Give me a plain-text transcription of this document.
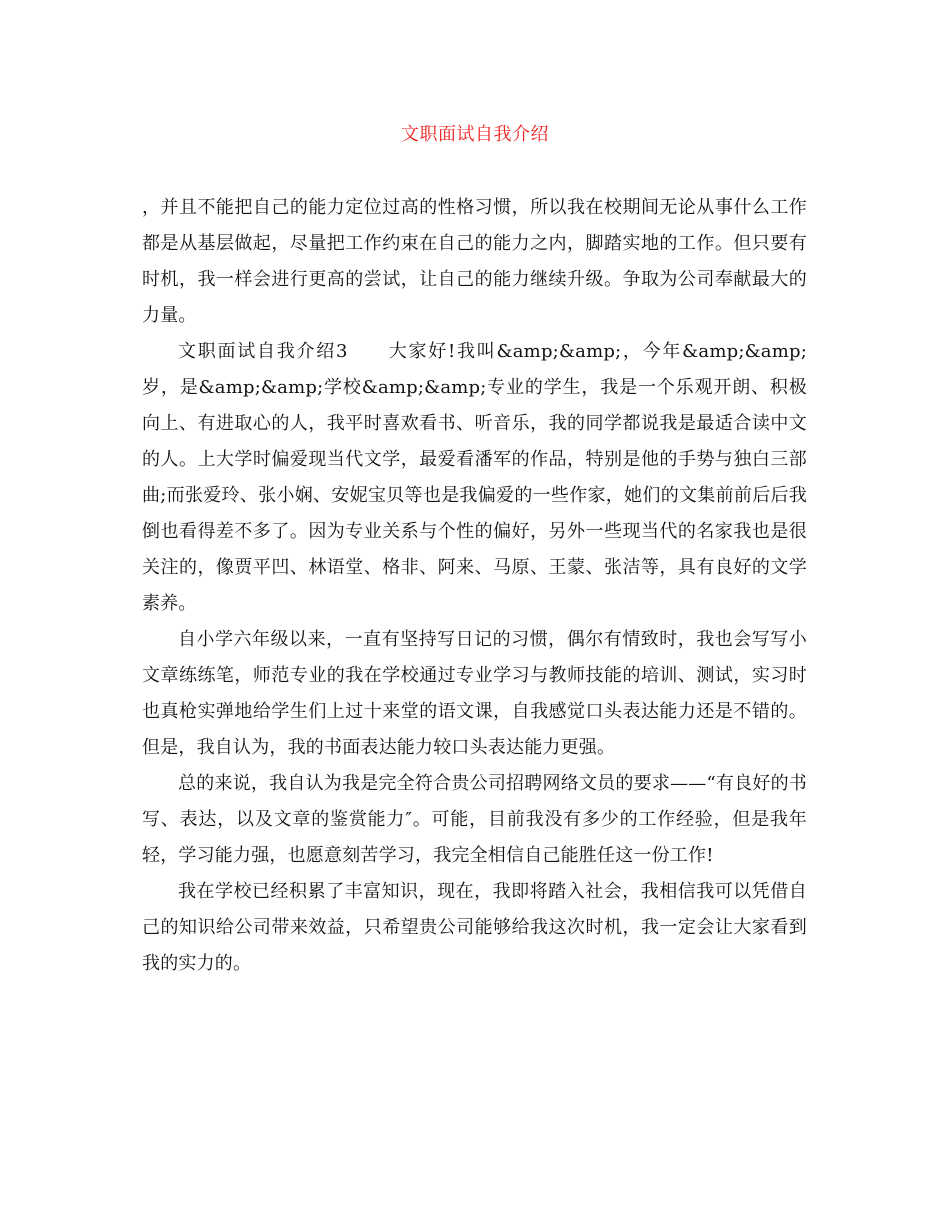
文职面试自我介绍

，并且不能把自己的能力定位过高的性格习惯，所以我在校期间无论从事什么工作都是从基层做起，尽量把工作约束在自己的能力之内，脚踏实地的工作。但只要有时机，我一样会进行更高的尝试，让自己的能力继续升级。争取为公司奉献最大的力量。

文职面试自我介绍3　　大家好!我叫&amp;&amp;，今年&amp;&amp;岁，是&amp;&amp;学校&amp;&amp;专业的学生，我是一个乐观开朗、积极向上、有进取心的人，我平时喜欢看书、听音乐，我的同学都说我是最适合读中文的人。上大学时偏爱现当代文学，最爱看潘军的作品，特别是他的手势与独白三部曲;而张爱玲、张小娴、安妮宝贝等也是我偏爱的一些作家，她们的文集前前后后我倒也看得差不多了。因为专业关系与个性的偏好，另外一些现当代的名家我也是很关注的，像贾平凹、林语堂、格非、阿来、马原、王蒙、张洁等，具有良好的文学素养。

自小学六年级以来，一直有坚持写日记的习惯，偶尔有情致时，我也会写写小文章练练笔，师范专业的我在学校通过专业学习与教师技能的培训、测试，实习时也真枪实弹地给学生们上过十来堂的语文课，自我感觉口头表达能力还是不错的。但是，我自认为，我的书面表达能力较口头表达能力更强。

总的来说，我自认为我是完全符合贵公司招聘网络文员的要求——“有良好的书写、表达，以及文章的鉴赏能力″。可能，目前我没有多少的工作经验，但是我年轻，学习能力强，也愿意刻苦学习，我完全相信自己能胜任这一份工作!

我在学校已经积累了丰富知识，现在，我即将踏入社会，我相信我可以凭借自己的知识给公司带来效益，只希望贵公司能够给我这次时机，我一定会让大家看到我的实力的。
